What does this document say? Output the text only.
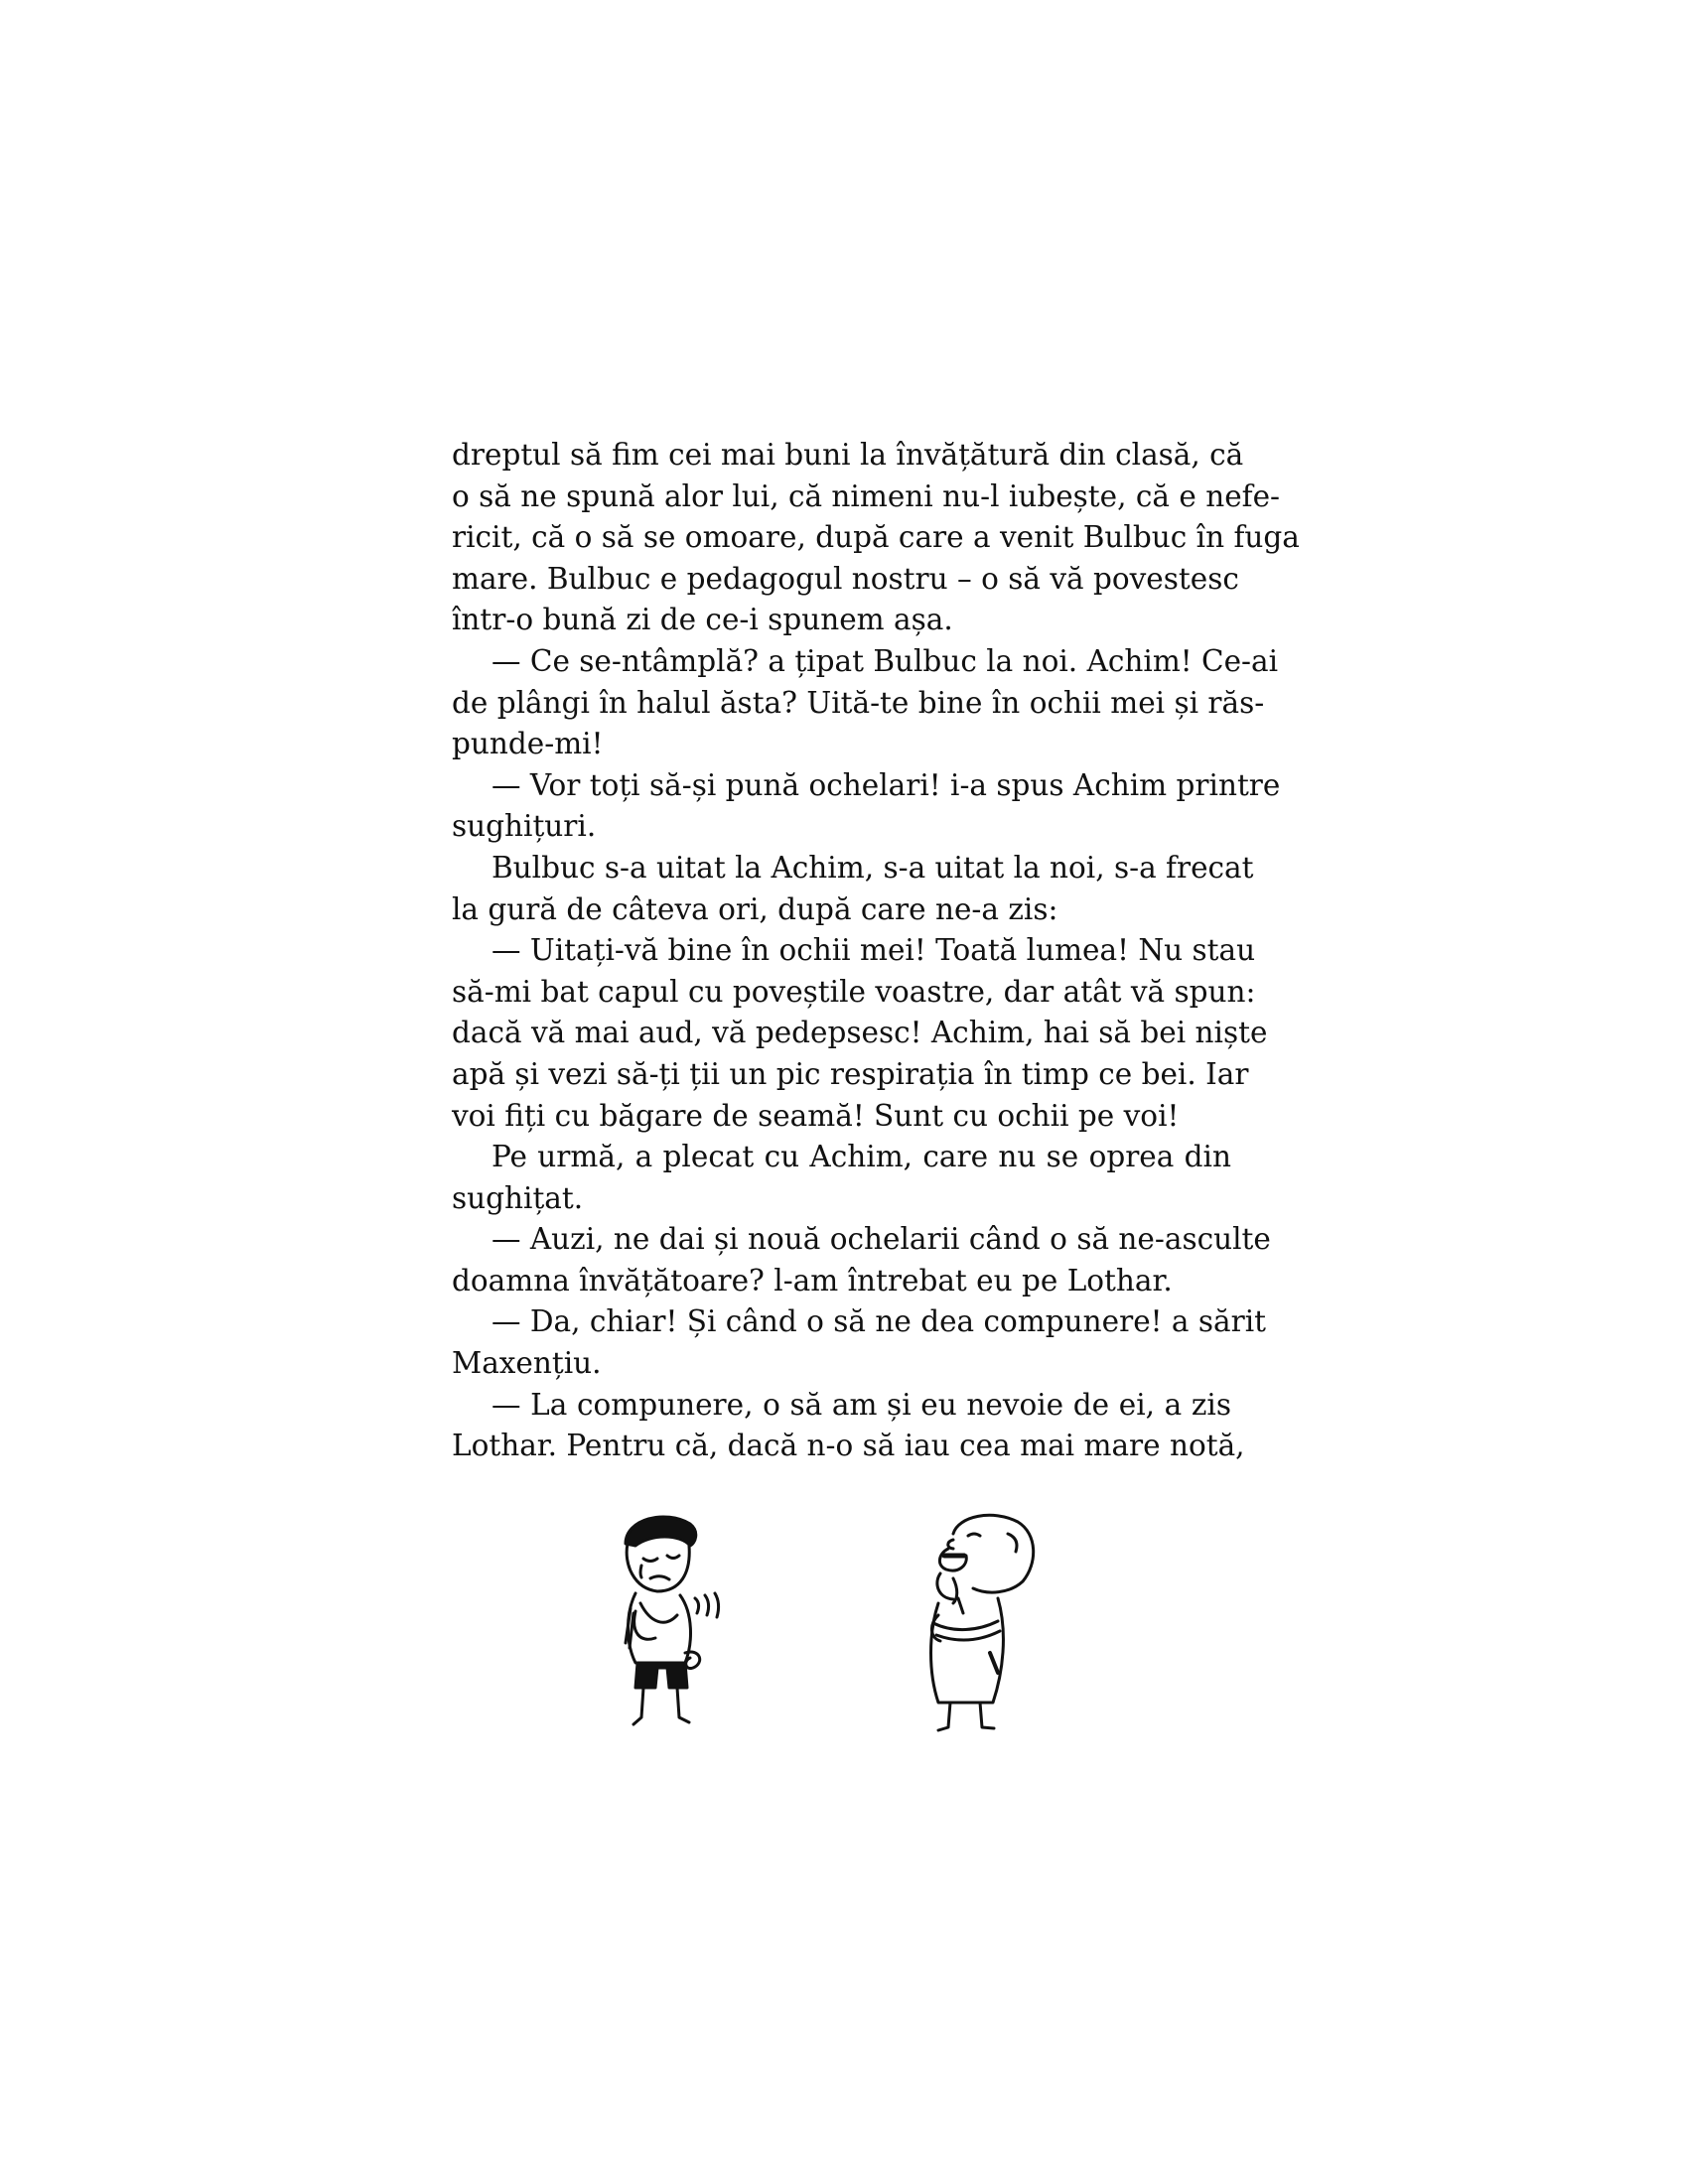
dreptul să fim cei mai buni la învățătură din clasă, că
o să ne spună alor lui, că nimeni nu-l iubește, că e nefe-
ricit, că o să se omoare, după care a venit Bulbuc în fuga
mare. Bulbuc e pedagogul nostru – o să vă povestesc
într-o bună zi de ce-i spunem așa.
— Ce se-ntâmplă? a țipat Bulbuc la noi. Achim! Ce-ai
de plângi în halul ăsta? Uită-te bine în ochii mei și răs-
punde-mi!
— Vor toți să-și pună ochelari! i-a spus Achim printre
sughițuri.
Bulbuc s-a uitat la Achim, s-a uitat la noi, s-a frecat
la gură de câteva ori, după care ne-a zis:
— Uitați-vă bine în ochii mei! Toată lumea! Nu stau
să-mi bat capul cu poveștile voastre, dar atât vă spun:
dacă vă mai aud, vă pedepsesc! Achim, hai să bei niște
apă și vezi să-ți ții un pic respirația în timp ce bei. Iar
voi fiți cu băgare de seamă! Sunt cu ochii pe voi!
Pe urmă, a plecat cu Achim, care nu se oprea din
sughițat.
— Auzi, ne dai și nouă ochelarii când o să ne-asculte
doamna învățătoare? l-am întrebat eu pe Lothar.
— Da, chiar! Și când o să ne dea compunere! a sărit
Maxențiu.
— La compunere, o să am și eu nevoie de ei, a zis
Lothar. Pentru că, dacă n-o să iau cea mai mare notă,
